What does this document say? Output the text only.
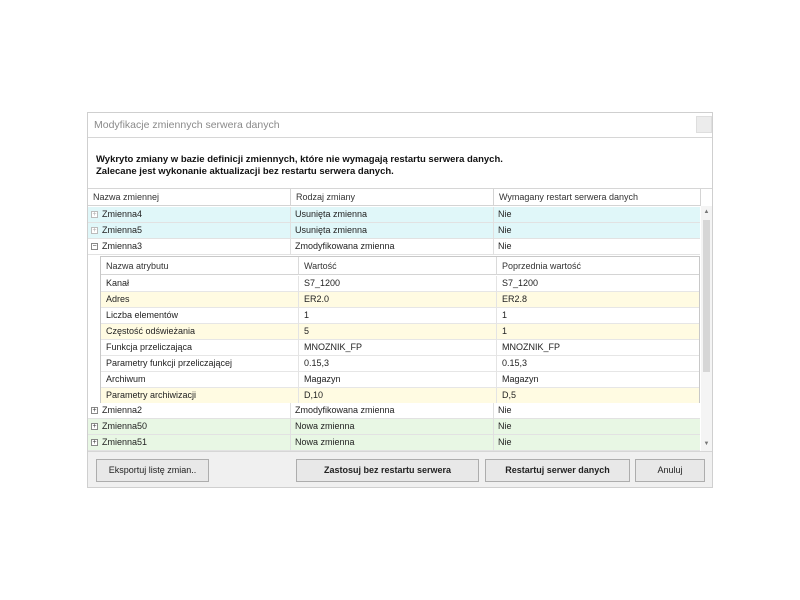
Modyfikacje zmiennych serwera danych
Wykryto zmiany w bazie definicji zmiennych, które nie wymagają restartu serwera danych.
Zalecane jest wykonanie aktualizacji bez restartu serwera danych.
Nazwa zmiennej	Rodzaj zmiany	Wymagany restart serwera danych
+ Zmienna4	Usunięta zmienna	Nie
+ Zmienna5	Usunięta zmienna	Nie
− Zmienna3	Zmodyfikowana zmienna	Nie
Nazwa atrybutu	Wartość	Poprzednia wartość
Kanał	S7_1200	S7_1200
Adres	ER2.0	ER2.8
Liczba elementów	1	1
Częstość odświeżania	5	1
Funkcja przeliczająca	MNOZNIK_FP	MNOZNIK_FP
Parametry funkcji przeliczającej	0.15,3	0.15,3
Archiwum	Magazyn	Magazyn
Parametry archiwizacji	D,10	D,5
+ Zmienna2	Zmodyfikowana zmienna	Nie
+ Zmienna50	Nowa zmienna	Nie
+ Zmienna51	Nowa zmienna	Nie
▲
▼
Eksportuj listę zmian..	Zastosuj bez restartu serwera	Restartuj serwer danych	Anuluj
